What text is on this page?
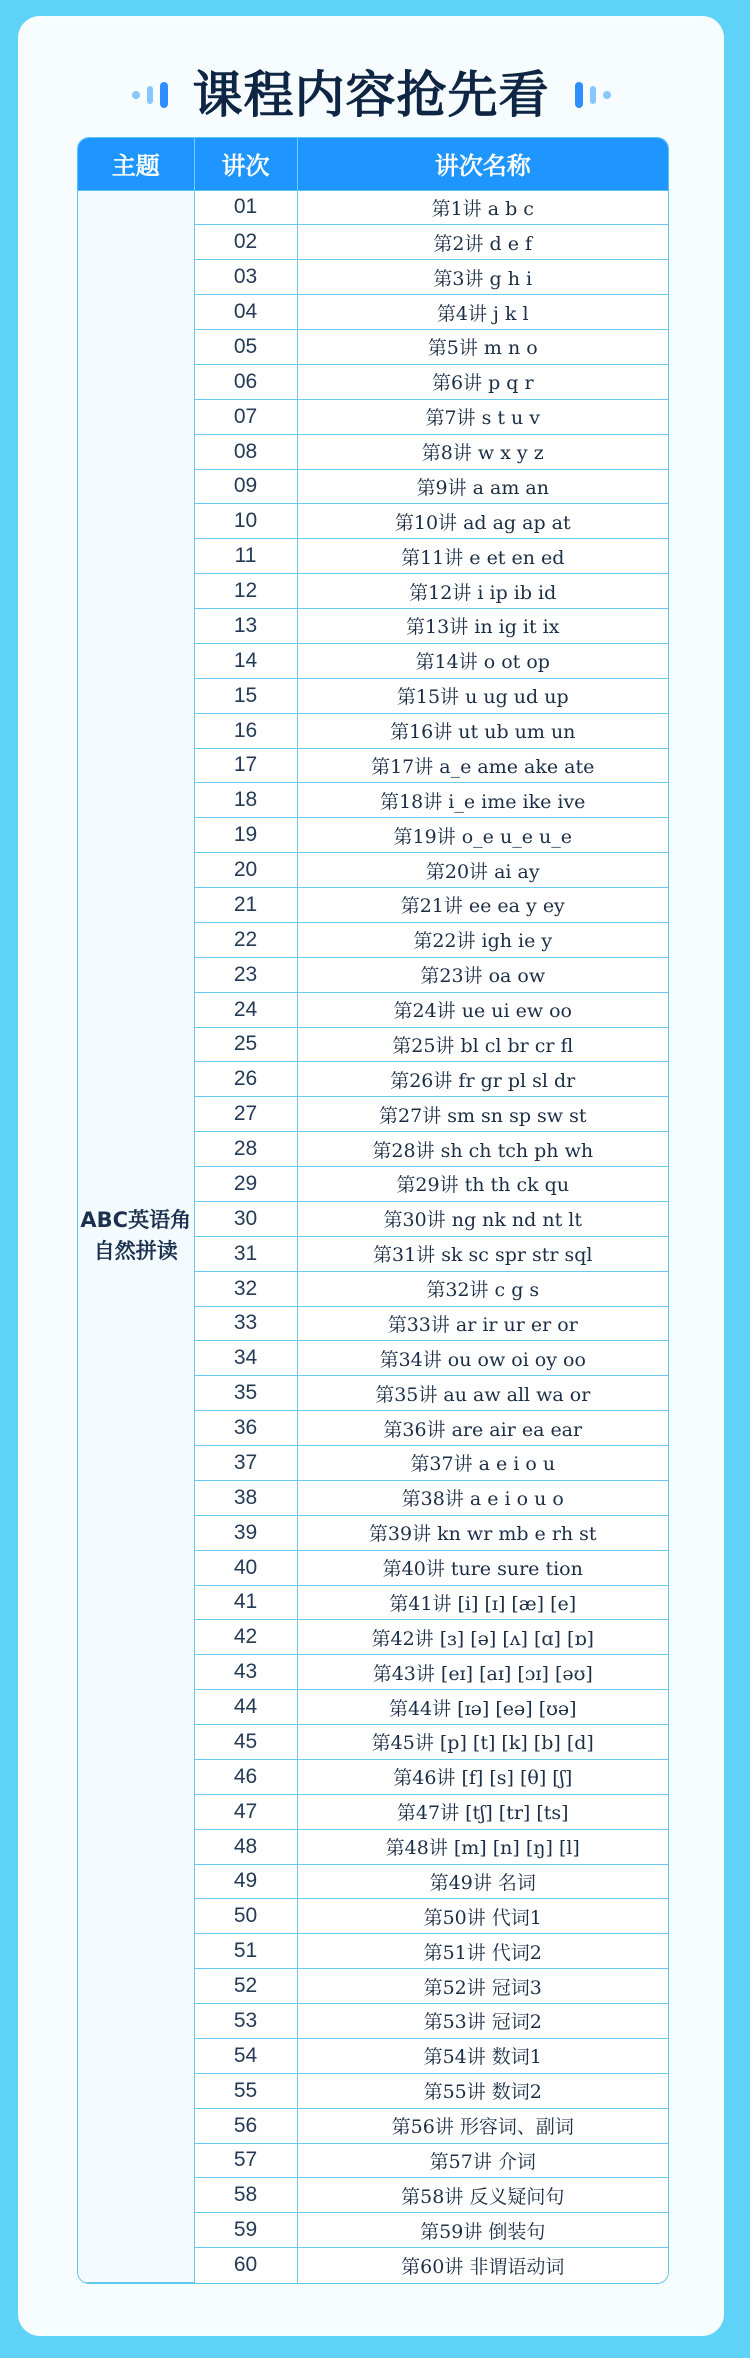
课程内容抢先看
主题	讲次	讲次名称
ABC英语角自然拼读	01	第1讲 a b c
	02	第2讲 d e f
	03	第3讲 g h i
	04	第4讲 j k l
	05	第5讲 m n o
	06	第6讲 p q r
	07	第7讲 s t u v
	08	第8讲 w x y z
	09	第9讲 a am an
	10	第10讲 ad ag ap at
	11	第11讲 e et en ed
	12	第12讲 i ip ib id
	13	第13讲 in ig it ix
	14	第14讲 o ot op
	15	第15讲 u ug ud up
	16	第16讲 ut ub um un
	17	第17讲 a_e ame ake ate
	18	第18讲 i_e ime ike ive
	19	第19讲 o_e u_e u_e
	20	第20讲 ai ay
	21	第21讲 ee ea y ey
	22	第22讲 igh ie y
	23	第23讲 oa ow
	24	第24讲 ue ui ew oo
	25	第25讲 bl cl br cr fl
	26	第26讲 fr gr pl sl dr
	27	第27讲 sm sn sp sw st
	28	第28讲 sh ch tch ph wh
	29	第29讲 th th ck qu
	30	第30讲 ng nk nd nt lt
	31	第31讲 sk sc spr str sql
	32	第32讲 c g s
	33	第33讲 ar ir ur er or
	34	第34讲 ou ow oi oy oo
	35	第35讲 au aw all wa or
	36	第36讲 are air ea ear
	37	第37讲 a e i o u
	38	第38讲 a e i o u o
	39	第39讲 kn wr mb e rh st
	40	第40讲 ture sure tion
	41	第41讲 [i] [ɪ] [æ] [e]
	42	第42讲 [ɜ] [ə] [ʌ] [ɑ] [ɒ]
	43	第43讲 [eɪ] [aɪ] [ɔɪ] [əʊ]
	44	第44讲 [ɪə] [eə] [ʊə]
	45	第45讲 [p] [t] [k] [b] [d]
	46	第46讲 [f] [s] [θ] [ʃ]
	47	第47讲 [tʃ] [tr] [ts]
	48	第48讲 [m] [n] [ŋ] [l]
	49	第49讲 名词
	50	第50讲 代词1
	51	第51讲 代词2
	52	第52讲 冠词3
	53	第53讲 冠词2
	54	第54讲 数词1
	55	第55讲 数词2
	56	第56讲 形容词、副词
	57	第57讲 介词
	58	第58讲 反义疑问句
	59	第59讲 倒装句
	60	第60讲 非谓语动词
